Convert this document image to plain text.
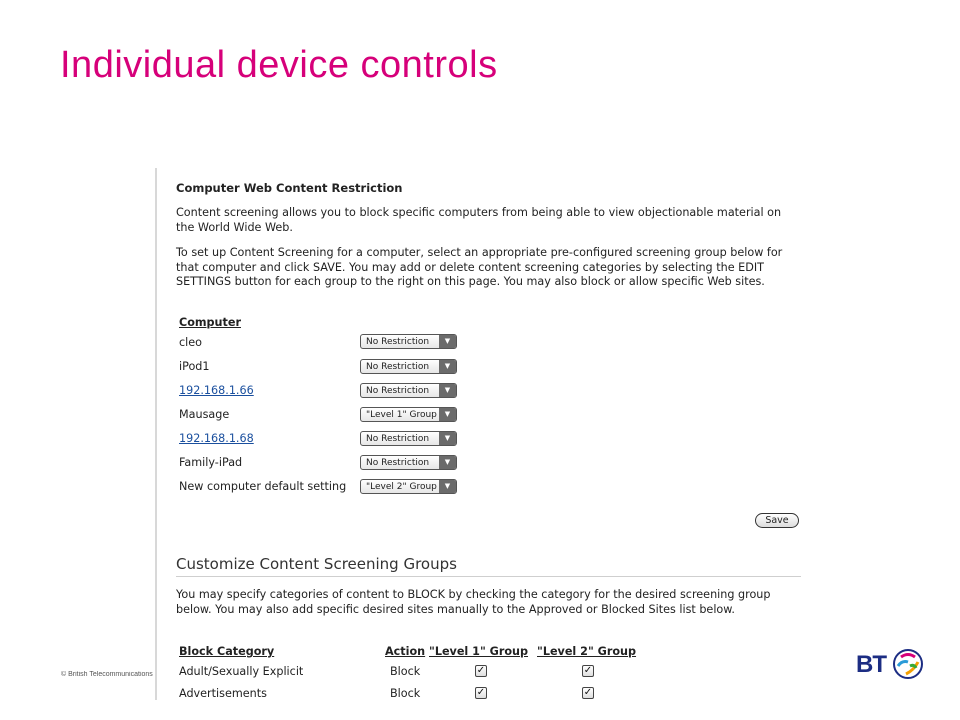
Individual device controls
Computer Web Content Restriction
Content screening allows you to block specific computers from being able to view objectionable material on the World Wide Web.
To set up Content Screening for a computer, select an appropriate pre-configured screening group below for that computer and click SAVE. You may add or delete content screening categories by selecting the EDIT SETTINGS button for each group to the right on this page. You may also block or allow specific Web sites.
Computer
cleo	No Restriction	▼
iPod1	No Restriction	▼
192.168.1.66	No Restriction	▼
Mausage	"Level 1" Group	▼
192.168.1.68	No Restriction	▼
Family-iPad	No Restriction	▼
New computer default setting "Level 2" Group	▼
Save
Customize Content Screening Groups
You may specify categories of content to BLOCK by checking the category for the desired screening group below. You may also add specific desired sites manually to the Approved or Blocked Sites list below.
Block Category	Action "Level 1" Group "Level 2" Group
Adult/Sexually Explicit	Block	✓	✓
Advertisements	Block	✓	✓
© British Telecommunications	BT
